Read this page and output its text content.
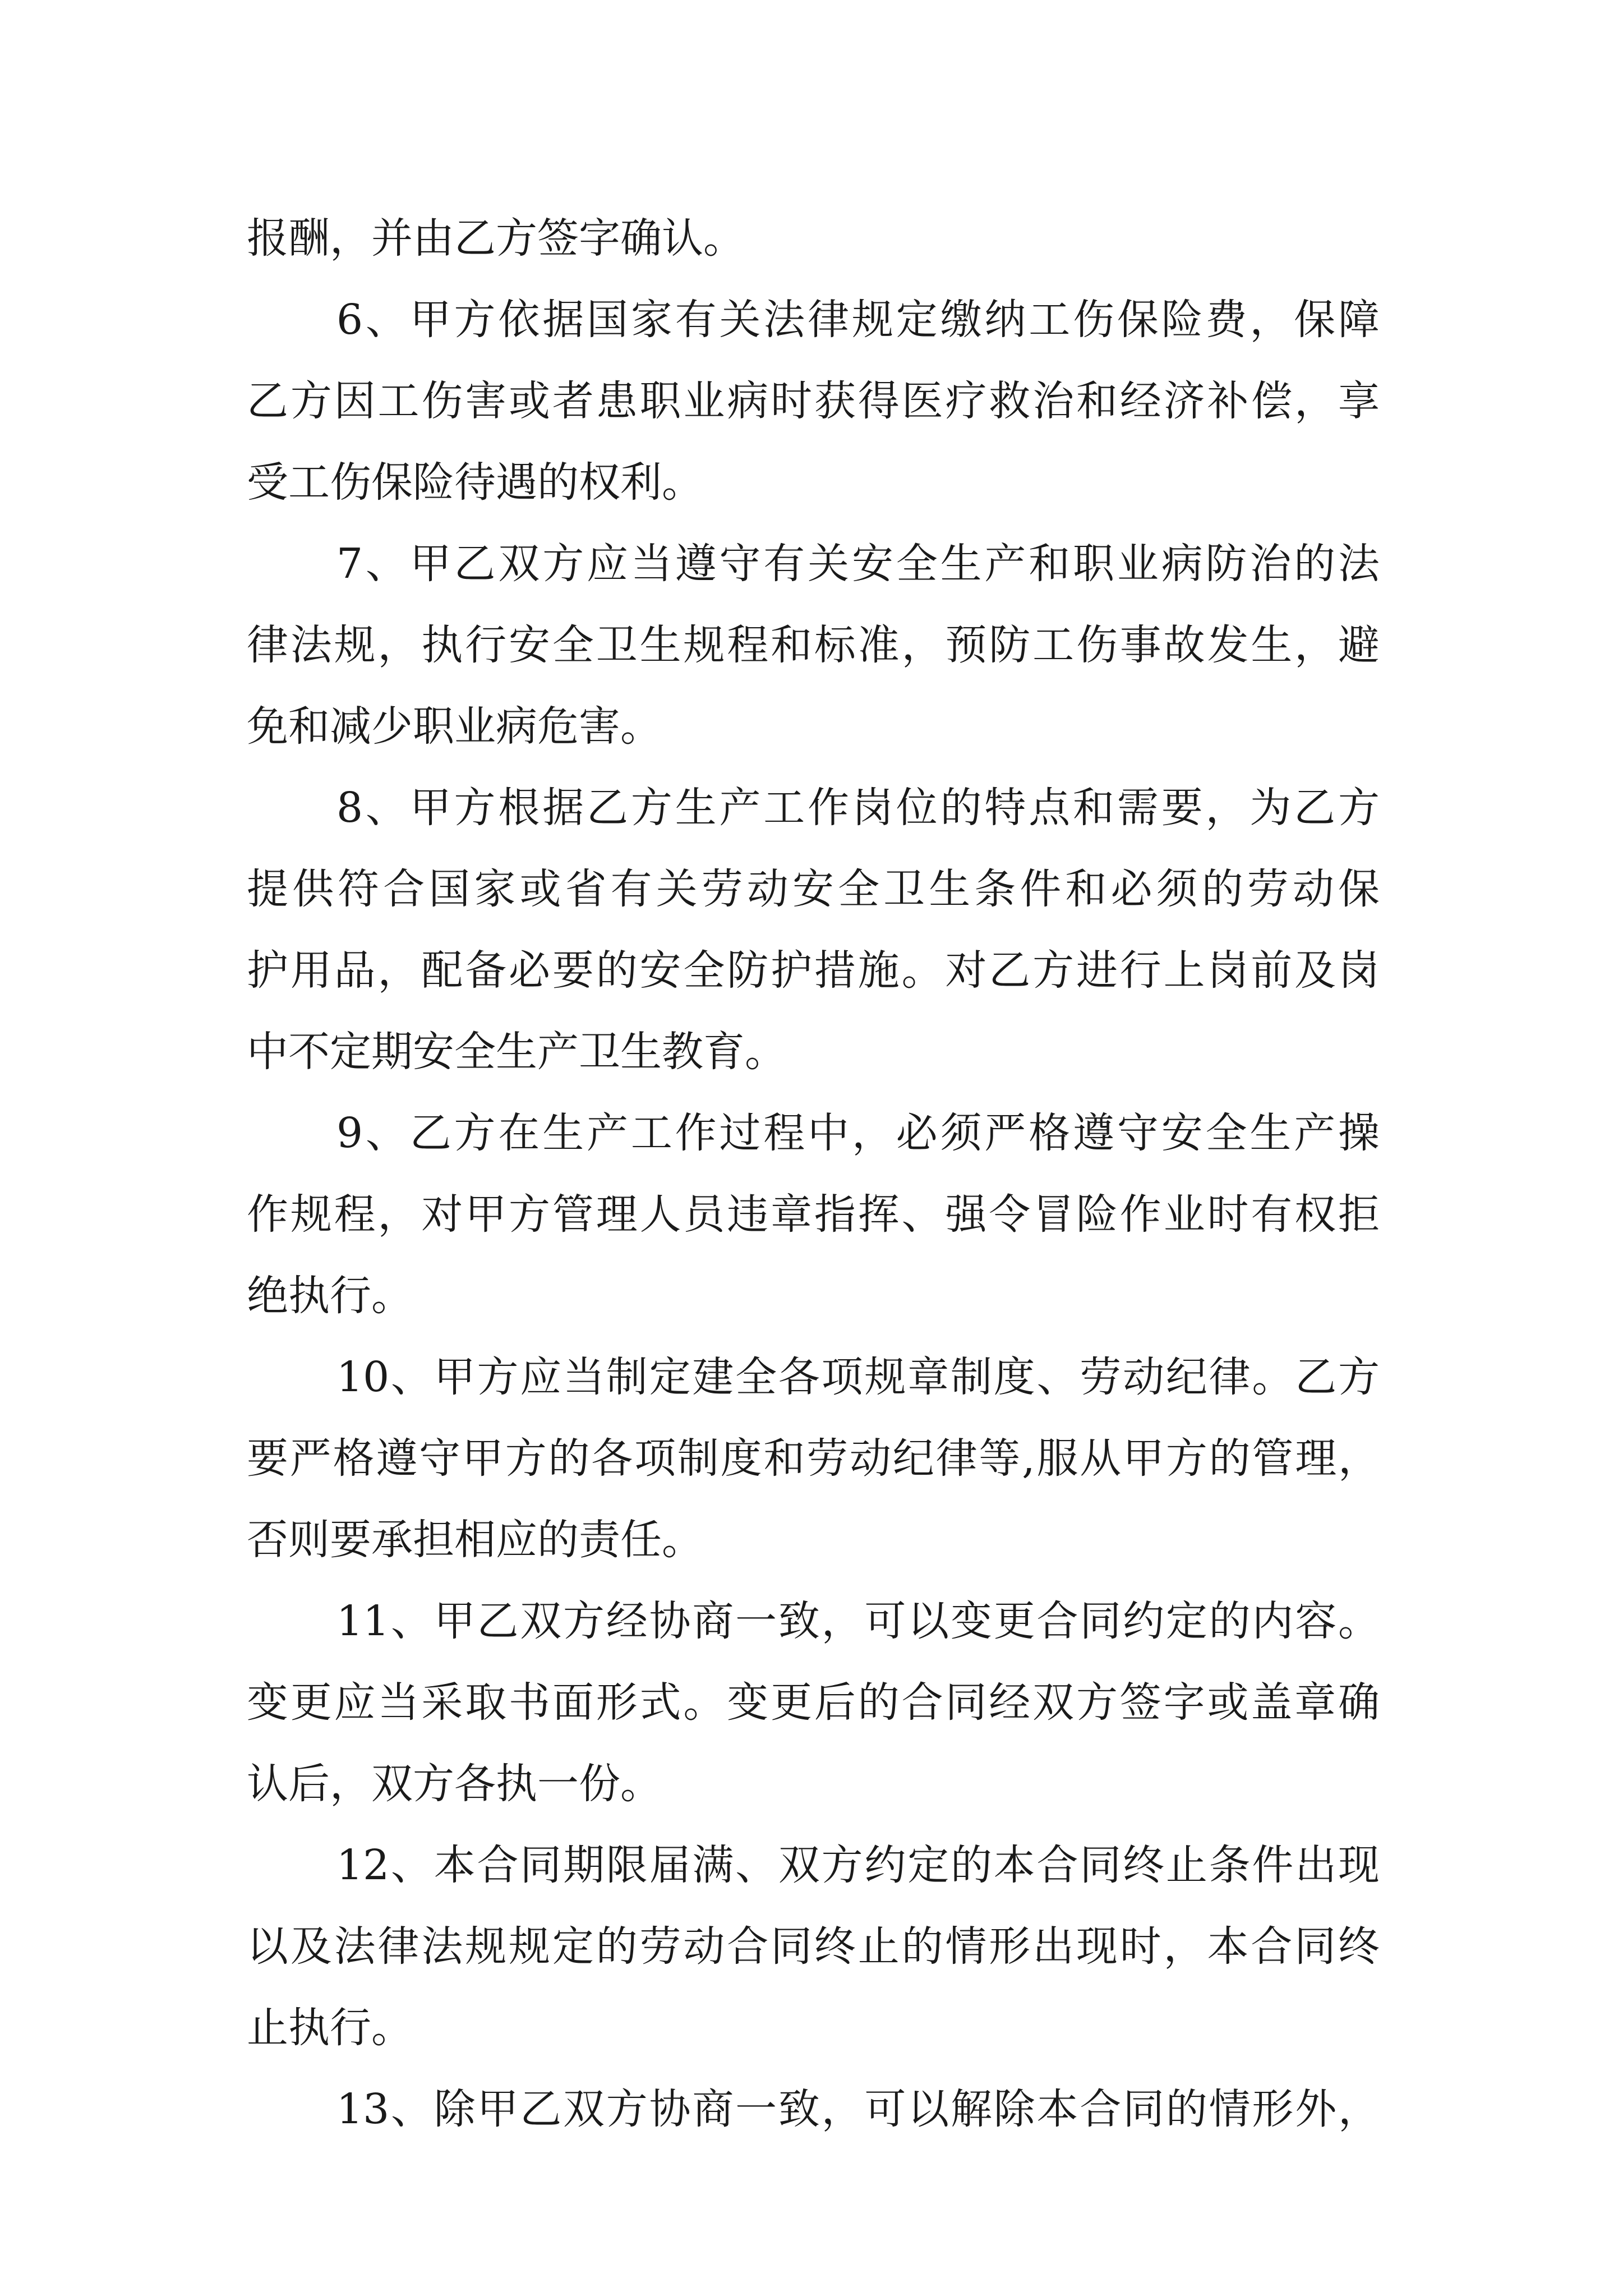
报酬，并由乙方签字确认。
6、甲方依据国家有关法律规定缴纳工伤保险费，保障
乙方因工伤害或者患职业病时获得医疗救治和经济补偿，享
受工伤保险待遇的权利。
7、甲乙双方应当遵守有关安全生产和职业病防治的法
律法规，执行安全卫生规程和标准，预防工伤事故发生，避
免和减少职业病危害。
8、甲方根据乙方生产工作岗位的特点和需要，为乙方
提供符合国家或省有关劳动安全卫生条件和必须的劳动保
护用品，配备必要的安全防护措施。对乙方进行上岗前及岗
中不定期安全生产卫生教育。
9、乙方在生产工作过程中，必须严格遵守安全生产操
作规程，对甲方管理人员违章指挥、强令冒险作业时有权拒
绝执行。
10、甲方应当制定建全各项规章制度、劳动纪律。乙方
要严格遵守甲方的各项制度和劳动纪律等,服从甲方的管理，
否则要承担相应的责任。
11、甲乙双方经协商一致，可以变更合同约定的内容。
变更应当采取书面形式。变更后的合同经双方签字或盖章确
认后，双方各执一份。
12、本合同期限届满、双方约定的本合同终止条件出现
以及法律法规规定的劳动合同终止的情形出现时，本合同终
止执行。
13、除甲乙双方协商一致，可以解除本合同的情形外，
